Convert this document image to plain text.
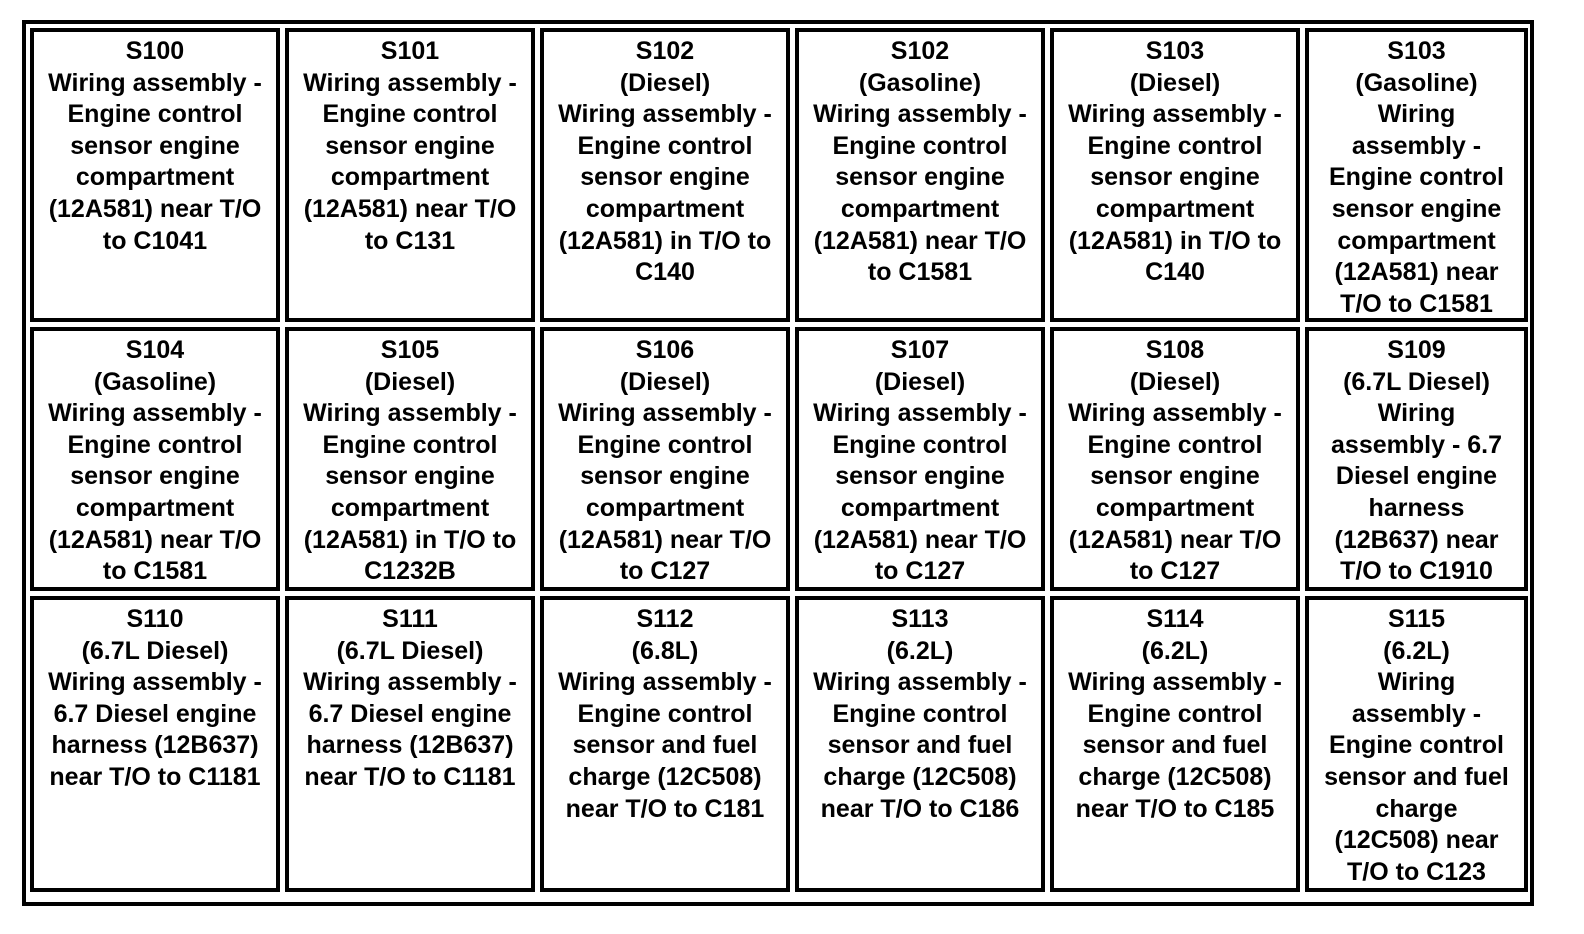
S100
Wiring assembly -
Engine control
sensor engine
compartment
(12A581) near T/O
to C1041

S101
Wiring assembly -
Engine control
sensor engine
compartment
(12A581) near T/O
to C131

S102
(Diesel)
Wiring assembly -
Engine control
sensor engine
compartment
(12A581) in T/O to
C140

S102
(Gasoline)
Wiring assembly -
Engine control
sensor engine
compartment
(12A581) near T/O
to C1581

S103
(Diesel)
Wiring assembly -
Engine control
sensor engine
compartment
(12A581) in T/O to
C140

S103
(Gasoline)
Wiring
assembly -
Engine control
sensor engine
compartment
(12A581) near
T/O to C1581

S104
(Gasoline)
Wiring assembly -
Engine control
sensor engine
compartment
(12A581) near T/O
to C1581

S105
(Diesel)
Wiring assembly -
Engine control
sensor engine
compartment
(12A581) in T/O to
C1232B

S106
(Diesel)
Wiring assembly -
Engine control
sensor engine
compartment
(12A581) near T/O
to C127

S107
(Diesel)
Wiring assembly -
Engine control
sensor engine
compartment
(12A581) near T/O
to C127

S108
(Diesel)
Wiring assembly -
Engine control
sensor engine
compartment
(12A581) near T/O
to C127

S109
(6.7L Diesel)
Wiring
assembly - 6.7
Diesel engine
harness
(12B637) near
T/O to C1910

S110
(6.7L Diesel)
Wiring assembly -
6.7 Diesel engine
harness (12B637)
near T/O to C1181

S111
(6.7L Diesel)
Wiring assembly -
6.7 Diesel engine
harness (12B637)
near T/O to C1181

S112
(6.8L)
Wiring assembly -
Engine control
sensor and fuel
charge (12C508)
near T/O to C181

S113
(6.2L)
Wiring assembly -
Engine control
sensor and fuel
charge (12C508)
near T/O to C186

S114
(6.2L)
Wiring assembly -
Engine control
sensor and fuel
charge (12C508)
near T/O to C185

S115
(6.2L)
Wiring
assembly -
Engine control
sensor and fuel
charge
(12C508) near
T/O to C123
